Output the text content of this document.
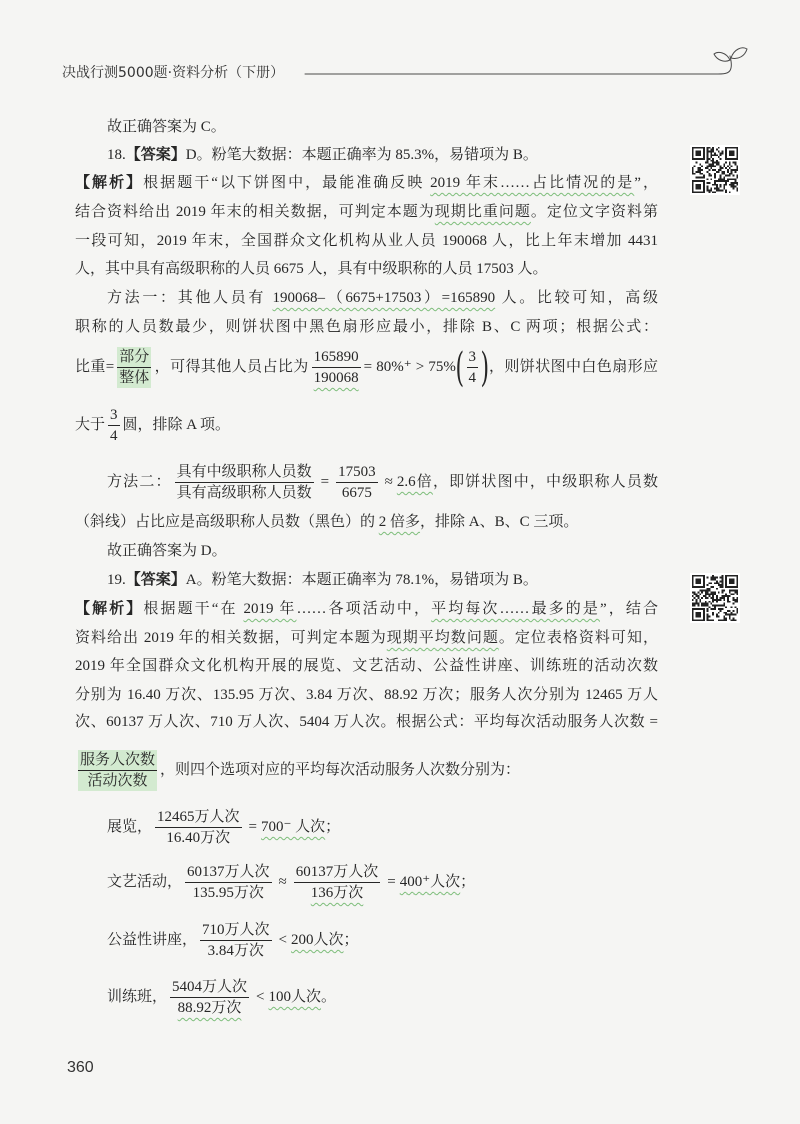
决战行测5000题·资料分析（下册）
故正确答案为 C。
18.【答案】D。粉笔大数据：本题正确率为 85.3%，易错项为 B。
【解析】根据题干“以下饼图中，最能准确反映 2019 年末……占比情况的是”，
结合资料给出 2019 年末的相关数据，可判定本题为现期比重问题。定位文字资料第
一段可知，2019 年末，全国群众文化机构从业人员 190068 人，比上年末增加 4431
人，其中具有高级职称的人员 6675 人，具有中级职称的人员 17503 人。
方法一：其他人员有 190068–（6675+17503）=165890 人。比较可知，高级
职称的人员数最少，则饼状图中黑色扇形应最小，排除 B、C 两项；根据公式：
比重= $\frac{\text{部分}}{\text{整体}}$ ，可得其他人员占比为 $\frac{165890}{190068} = 80\%^+ > 75\%( \frac{3}{4}$ )，则饼状图中白色扇形应
大于 $\frac{3}{4}$ 圆，排除 A 项。
方法二： $\frac{\text{具有中级职称人员数}}{\text{具有高级职称人员数}} = \frac{17503}{6675} \approx 2.6$倍，即饼状图中，中级职称人员数
（斜线）占比应是高级职称人员数（黑色）的 2 倍多，排除 A、B、C 三项。
故正确答案为 D。
19.【答案】A。粉笔大数据：本题正确率为 78.1%，易错项为 B。
【解析】根据题干“在 2019 年……各项活动中，平均每次……最多的是”，结合
资料给出 2019 年的相关数据，可判定本题为现期平均数问题。定位表格资料可知，
2019 年全国群众文化机构开展的展览、文艺活动、公益性讲座、训练班的活动次数
分别为 16.40 万次、135.95 万次、3.84 万次、88.92 万次；服务人次分别为 12465 万人
次、60137 万人次、710 万人次、5404 万人次。根据公式：平均每次活动服务人次数 =
$\frac{\text{服务人次数}}{\text{活动次数}}$ ，则四个选项对应的平均每次活动服务人次数分别为：
展览， $\frac{\text{12465万人次}}{\text{16.40万次}} = 700^-$ 人次；
文艺活动， $\frac{\text{60137万人次}}{\text{135.95万次}} \approx \frac{\text{60137万人次}}{\text{136万次}} = 400^+$人次；
公益性讲座， $\frac{\text{710万人次}}{\text{3.84万次}} < 200$人次；
训练班， $\frac{\text{5404万人次}}{\text{88.92万次}} < 100$人次。
360
